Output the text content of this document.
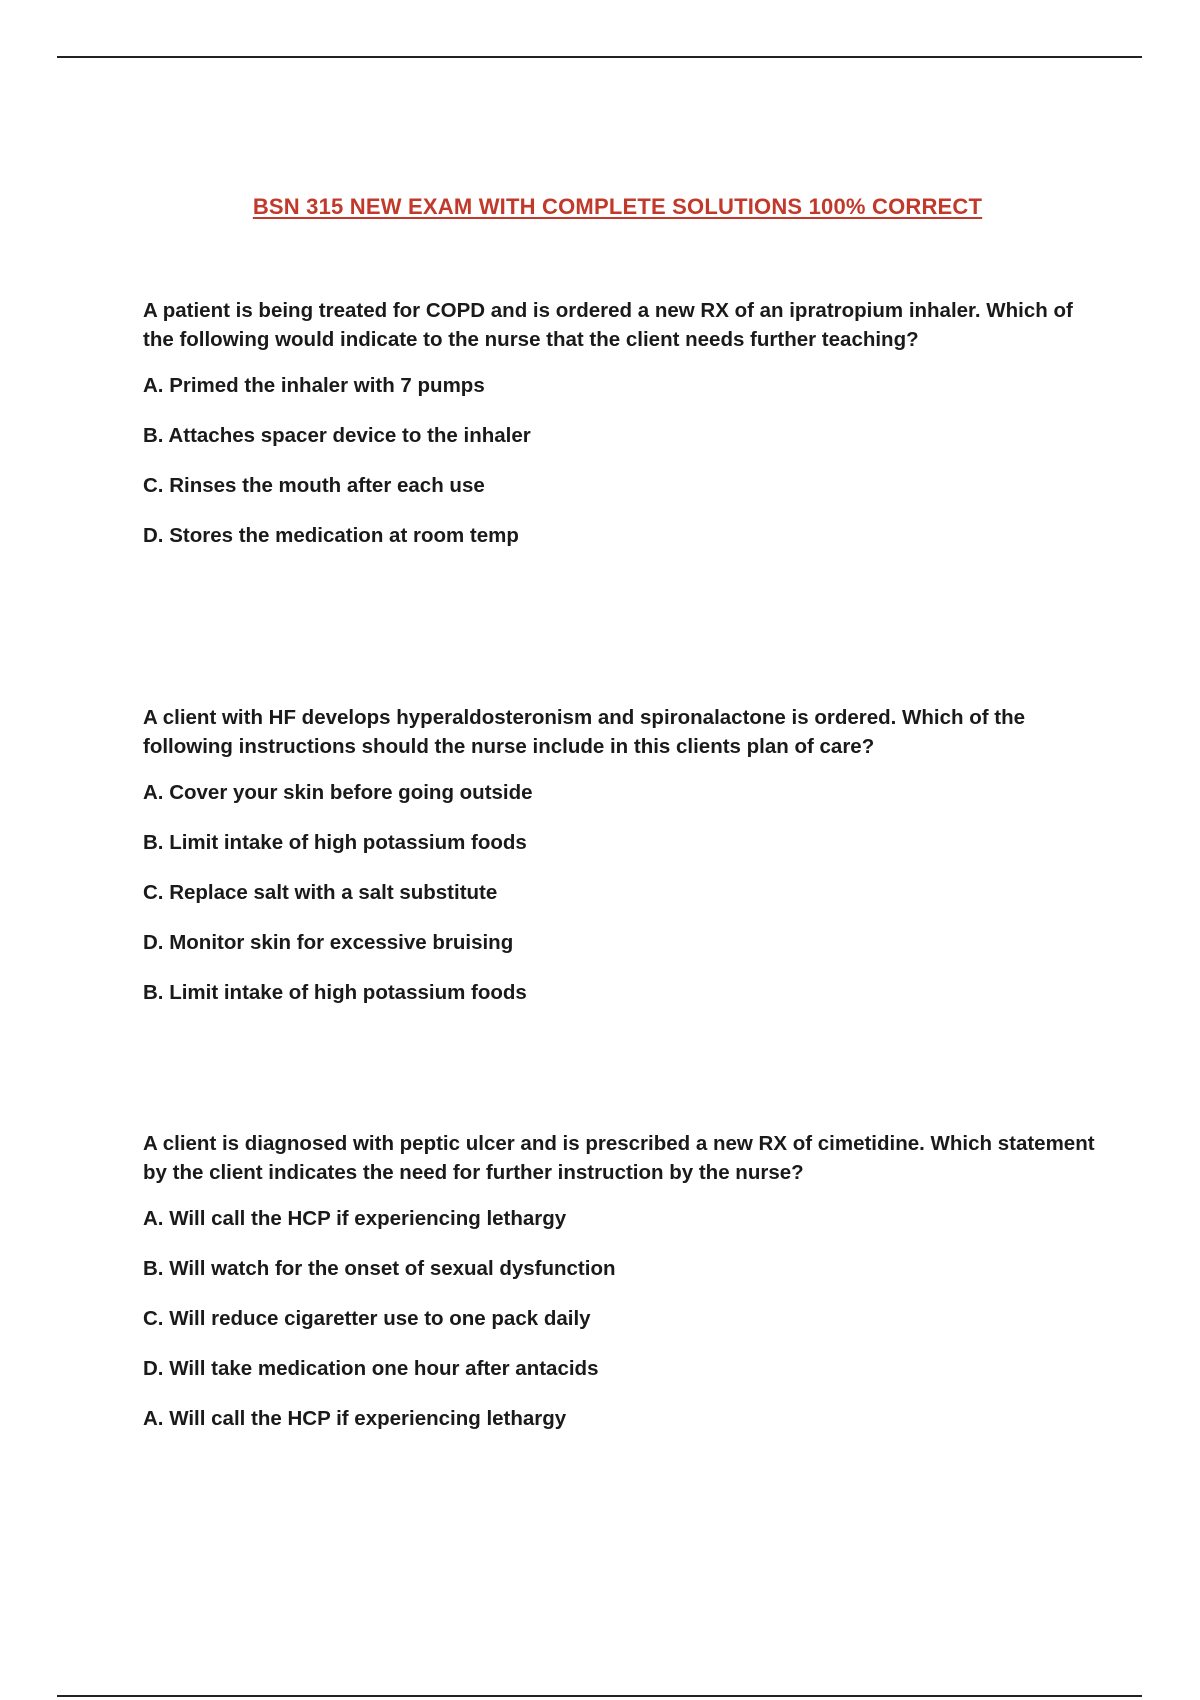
BSN 315 NEW EXAM WITH COMPLETE SOLUTIONS 100% CORRECT

A patient is being treated for COPD and is ordered a new RX of an ipratropium inhaler. Which of the following would indicate to the nurse that the client needs further teaching?

A. Primed the inhaler with 7 pumps
B. Attaches spacer device to the inhaler
C. Rinses the mouth after each use
D. Stores the medication at room temp

A client with HF develops hyperaldosteronism and spironalactone is ordered. Which of the following instructions should the nurse include in this clients plan of care?

A. Cover your skin before going outside
B. Limit intake of high potassium foods
C. Replace salt with a salt substitute
D. Monitor skin for excessive bruising
B. Limit intake of high potassium foods

A client is diagnosed with peptic ulcer and is prescribed a new RX of cimetidine. Which statement by the client indicates the need for further instruction by the nurse?

A. Will call the HCP if experiencing lethargy
B. Will watch for the onset of sexual dysfunction
C. Will reduce cigaretter use to one pack daily
D. Will take medication one hour after antacids
A. Will call the HCP if experiencing lethargy
